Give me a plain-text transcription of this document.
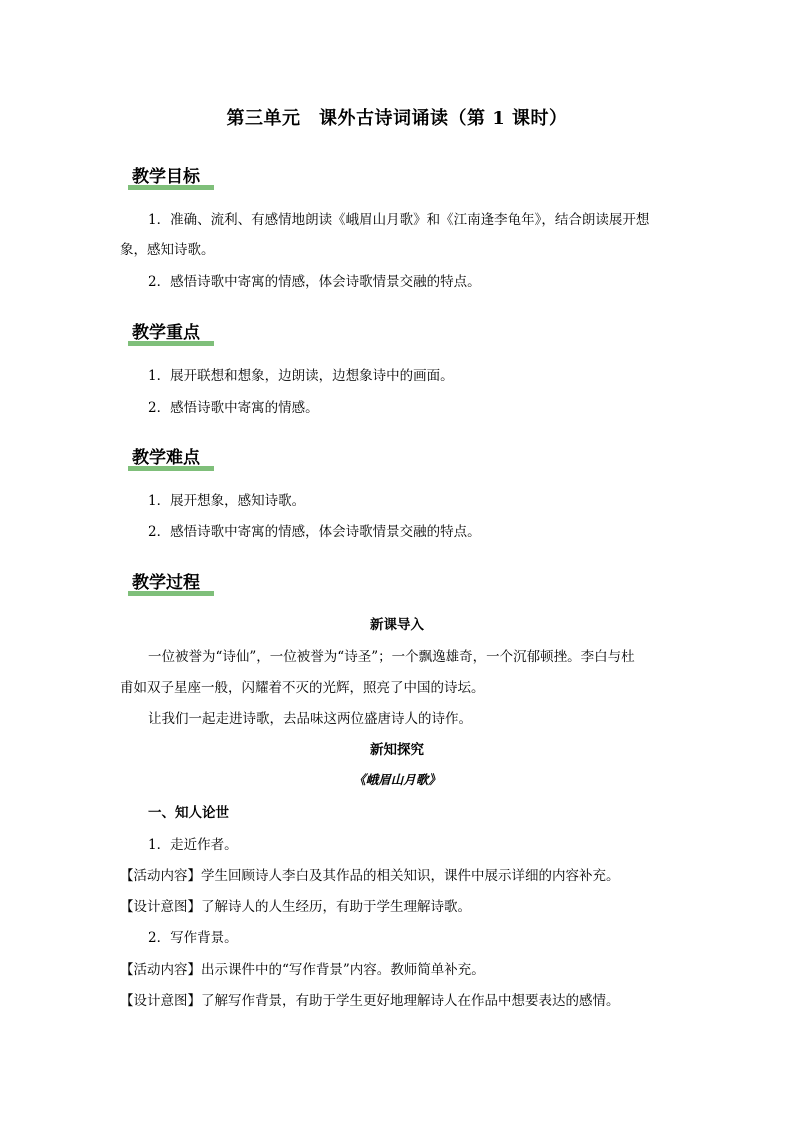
第三单元　课外古诗词诵读（第 1 课时）
教学目标
1．准确、流利、有感情地朗读《峨眉山月歌》和《江南逢李龟年》，结合朗读展开想
象，感知诗歌。
2．感悟诗歌中寄寓的情感，体会诗歌情景交融的特点。
教学重点
1．展开联想和想象，边朗读，边想象诗中的画面。
2．感悟诗歌中寄寓的情感。
教学难点
1．展开想象，感知诗歌。
2．感悟诗歌中寄寓的情感，体会诗歌情景交融的特点。
教学过程
新课导入
一位被誉为“诗仙”，一位被誉为“诗圣”；一个飘逸雄奇，一个沉郁顿挫。李白与杜
甫如双子星座一般，闪耀着不灭的光辉，照亮了中国的诗坛。
让我们一起走进诗歌，去品味这两位盛唐诗人的诗作。
新知探究
《峨眉山月歌》
一、知人论世
1．走近作者。
【活动内容】学生回顾诗人李白及其作品的相关知识，课件中展示详细的内容补充。
【设计意图】了解诗人的人生经历，有助于学生理解诗歌。
2．写作背景。
【活动内容】出示课件中的“写作背景”内容。教师简单补充。
【设计意图】了解写作背景，有助于学生更好地理解诗人在作品中想要表达的感情。
